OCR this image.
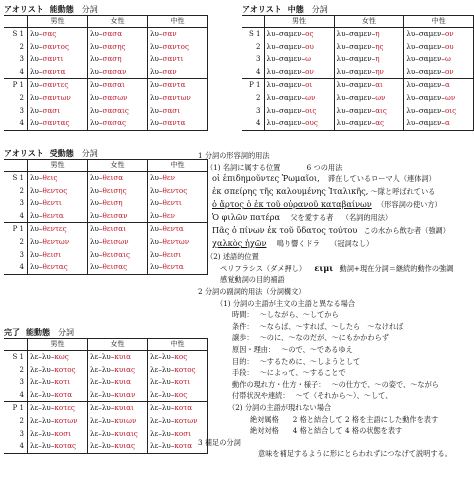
アオリスト 能動態 分詞
	男性	女性	中性
S 1	λυ–σας	λυ–σασα	λυ–σαν
2	λυ–σαντος	λυ–σασης	λυ–σαντος
3	λυ–σαντι	λυ–σαση	λυ–σαντι
4	λυ–σαντα	λυ–σασαν	λυ–σαν
P 1	λυ–σαντες	λυ–σασαι	λυ–σαντα
2	λυ–σαντων	λυ–σασων	λυ–σαντων
3	λυ–σασι	λυ–σασαις	λυ–σασι
4	λυ–σαντας	λυ–σασας	λυ–σαντα
アオリスト 中態 分詞
	男性	女性	中性
S 1	λυ–σαμεν–ος	λυ–σαμεν–η	λυ–σαμεν–ον
2	λυ–σαμεν–ου	λυ–σαμεν–ης	λυ–σαμεν–ου
3	λυ–σαμεν–ω	λυ–σαμεν–η	λυ–σαμεν–ω
4	λυ–σαμεν–ον	λυ–σαμεν–ην	λυ–σαμεν–ον
P 1	λυ–σαμεν–οι	λυ–σαμεν–αι	λυ–σαμεν–α
2	λυ–σαμεν–ων	λυ–σαμεν–ων	λυ–σαμεν–ων
3	λυ–σαμεν–οις	λυ–σαμεν–αις	λυ–σαμεν–οις
4	λυ–σαμεν–ους	λυ–σαμεν–ας	λυ–σαμεν–α
アオリスト 受動態 分詞
	男性	女性	中性
S 1	λυ–θεις	λυ–θεισα	λυ–θεν
2	λυ–θεντος	λυ–θεισης	λυ–θεντος
3	λυ–θεντι	λυ–θειση	λυ–θεντι
4	λυ–θεντα	λυ–θεισαν	λυ–θεν
P 1	λυ–θεντες	λυ–θεισαι	λυ–θεντα
2	λυ–θεντων	λυ–θεισων	λυ–θεντων
3	λυ–θεισι	λυ–θεισαις	λυ–θεισι
4	λυ–θεντας	λυ–θεισας	λυ–θεντα
完了 能動態 分詞
	男性	女性	中性
S 1	λε–λυ–κως	λε–λυ–κυια	λε–λυ–κος
2	λε–λυ–κοτος	λε–λυ–κυιας	λε–λυ–κοτος
3	λε–λυ–κοτι	λε–λυ–κυια	λε–λυ–κοτι
4	λε–λυ–κοτα	λε–λυ–κυιαν	λε–λυ–κος
P 1	λε–λυ–κοτες	λε–λυ–κυιαι	λε–λυ–κοτα
2	λε–λυ–κοτων	λε–λυ–κυιων	λε–λυ–κοτων
3	λε–λυ–κοσι	λε–λυ–κυιαις	λε–λυ–κοσι
4	λε–λυ–κοτας	λε–λυ–κυιας	λε–λυ–κοτα
1 分詞の形容詞的用法
（1) 名詞に属する位置	6 つの用法
οἱ ἐπιδημοῦντες Ῥωμαῖοι, 滞在しているローマ人（連体詞）
ἐκ σπείρης τῆς καλουμένης Ἰταλικῆς, 〜隊と呼ばれている
ὁ ἄρτος ὁ ἐκ τοῦ οὐρανοῦ καταβαίνων （形容詞の使い方）
Ὁ φιλῶν πατέρα 父を愛する者 （名詞的用法）
Πᾶς ὁ πίνων ἐκ τοῦ ὕδατος τούτου この水から飲む者（強調）
χαλκὸς ἠχῶν 鳴り響くドラ （冠詞なし）
（2) 述語的位置
ペリフラシス（ダメ押し） ειμι 動詞+現在分詞＝継続的動作の強調
感覚動詞の目的補語
2 分詞の副詞的用法（分詞構文）
（1) 分詞の主語が主文の主語と異なる場合
時間： 〜しながら、〜してから
条件： 〜ならば、〜すれば、〜したら　〜なければ
譲歩： 〜のに、〜なのだが、〜にもかかわらず
原因・理由： 〜ので、〜であるゆえ
目的： 〜するために、〜しようとして
手段： 〜によって、〜することで
動作の現れ方・仕方・様子： 〜の仕方で、〜の姿で、〜ながら
付帯状況や連続： 〜て（それから〜）、〜して、
（2) 分詞の主語が現れない場合
絶対属格 2 格と結合して 2 格を主語にした動作を表す
絶対対格 4 格と結合して 4 格の状態を表す
3 補足の分詞
意味を補足するように形にとらわれずにつなげて説明する。
